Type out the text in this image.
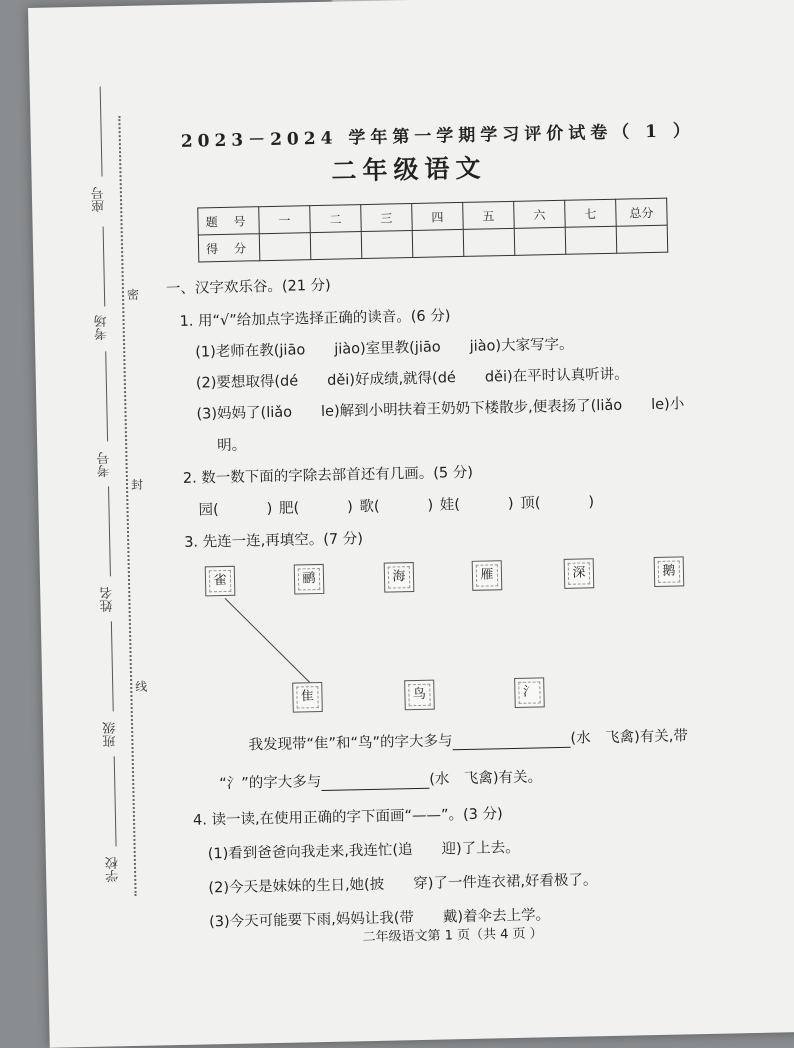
座号
考场
考号
姓名
班级
学校
密
封
线
2023－2024 学年第一学期学习评价试卷（ 1 ）
二年级语文
题 号	一	二	三	四	五	六	七	总分
得 分								
一、汉字欢乐谷。(21 分)
1. 用“√”给加点字选择正确的读音。(6 分)
(1)老师在教(jiāo　　jiào)室里教(jiāo　　jiào)大家写字。
(2)要想取得(dé　　děi)好成绩,就得(dé　　děi)在平时认真听讲。
(3)妈妈了(liǎo　　le)解到小明扶着王奶奶下楼散步,便表扬了(liǎo　　le)小
明。
2. 数一数下面的字除去部首还有几画。(5 分)
园(	) 肥(	) 歌(	) 娃(	) 顶(	)
3. 先连一连,再填空。(7 分)
雀	鹂	海	雁	深	鹅
隹	鸟	氵
我发现带“隹”和“鸟”的字大多与	(水　飞禽)有关,带
“氵”的字大多与	(水　飞禽)有关。
4. 读一读,在使用正确的字下面画“——”。(3 分)
(1)看到爸爸向我走来,我连忙(追　　迎)了上去。
(2)今天是妹妹的生日,她(披　　穿)了一件连衣裙,好看极了。
(3)今天可能要下雨,妈妈让我(带　　戴)着伞去上学。
二年级语文第 1 页（共 4 页 ）
